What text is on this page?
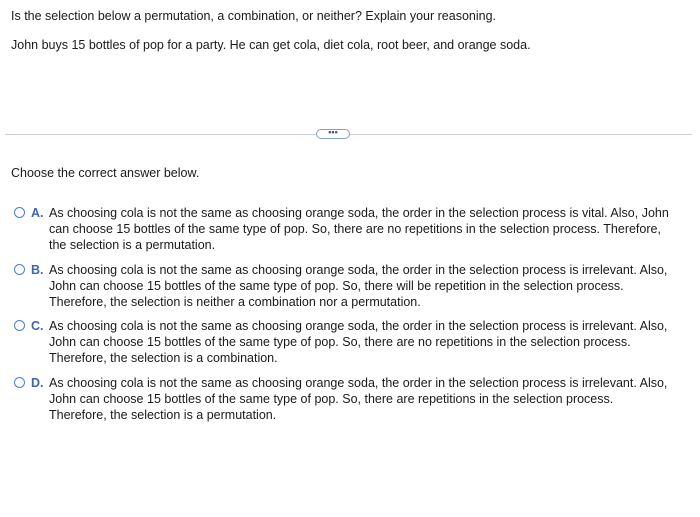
Is the selection below a permutation, a combination, or neither? Explain your reasoning.

John buys 15 bottles of pop for a party. He can get cola, diet cola, root beer, and orange soda.

•••

Choose the correct answer below.

A. As choosing cola is not the same as choosing orange soda, the order in the selection process is vital. Also, John can choose 15 bottles of the same type of pop. So, there are no repetitions in the selection process. Therefore, the selection is a permutation.

B. As choosing cola is not the same as choosing orange soda, the order in the selection process is irrelevant. Also, John can choose 15 bottles of the same type of pop. So, there will be repetition in the selection process. Therefore, the selection is neither a combination nor a permutation.

C. As choosing cola is not the same as choosing orange soda, the order in the selection process is irrelevant. Also, John can choose 15 bottles of the same type of pop. So, there are no repetitions in the selection process. Therefore, the selection is a combination.

D. As choosing cola is not the same as choosing orange soda, the order in the selection process is irrelevant. Also, John can choose 15 bottles of the same type of pop. So, there are repetitions in the selection process. Therefore, the selection is a permutation.
